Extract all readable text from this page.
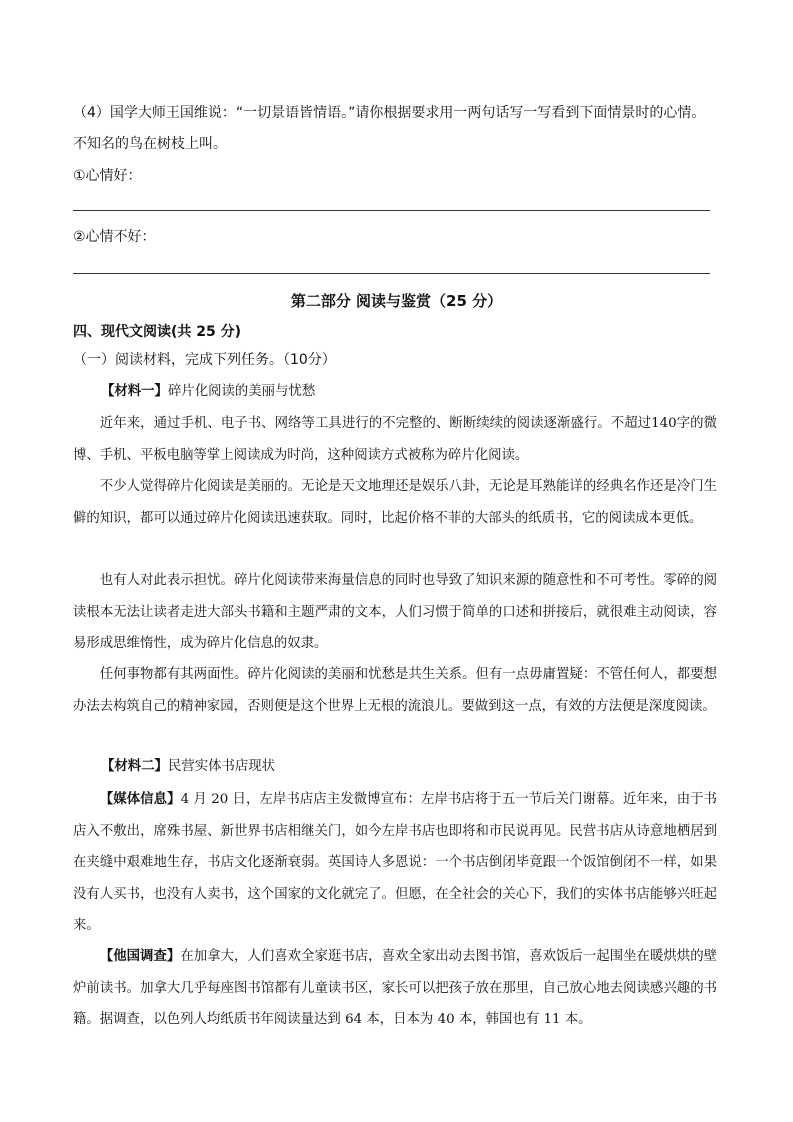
（4）国学大师王国维说：“一切景语皆情语。”请你根据要求用一两句话写一写看到下面情景时的心情。
不知名的鸟在树枝上叫。
①心情好：
②心情不好：
第二部分 阅读与鉴赏（25 分）
四、现代文阅读(共 25 分)
（一）阅读材料，完成下列任务。（10分）
【材料一】碎片化阅读的美丽与忧愁

近年来，通过手机、电子书、网络等工具进行的不完整的、断断续续的阅读逐渐盛行。不超过140字的微博、手机、平板电脑等掌上阅读成为时尚，这种阅读方式被称为碎片化阅读。

不少人觉得碎片化阅读是美丽的。无论是天文地理还是娱乐八卦，无论是耳熟能详的经典名作还是冷门生僻的知识，都可以通过碎片化阅读迅速获取。同时，比起价格不菲的大部头的纸质书，它的阅读成本更低。

也有人对此表示担忧。碎片化阅读带来海量信息的同时也导致了知识来源的随意性和不可考性。零碎的阅读根本无法让读者走进大部头书籍和主题严肃的文本，人们习惯于简单的口述和拼接后，就很难主动阅读，容易形成思维惰性，成为碎片化信息的奴隶。

任何事物都有其两面性。碎片化阅读的美丽和忧愁是共生关系。但有一点毋庸置疑：不管任何人，都要想办法去构筑自己的精神家园，否则便是这个世界上无根的流浪儿。要做到这一点，有效的方法便是深度阅读。

【材料二】民营实体书店现状

【媒体信息】4 月 20 日，左岸书店店主发微博宣布：左岸书店将于五一节后关门谢幕。近年来，由于书店入不敷出，席殊书屋、新世界书店相继关门，如今左岸书店也即将和市民说再见。民营书店从诗意地栖居到在夹缝中艰难地生存，书店文化逐渐衰弱。英国诗人多恩说：一个书店倒闭毕竟跟一个饭馆倒闭不一样，如果没有人买书，也没有人卖书，这个国家的文化就完了。但愿，在全社会的关心下，我们的实体书店能够兴旺起来。

【他国调查】在加拿大，人们喜欢全家逛书店，喜欢全家出动去图书馆，喜欢饭后一起围坐在暖烘烘的壁炉前读书。加拿大几乎每座图书馆都有儿童读书区，家长可以把孩子放在那里，自己放心地去阅读感兴趣的书籍。据调查，以色列人均纸质书年阅读量达到 64 本，日本为 40 本，韩国也有 11 本。
